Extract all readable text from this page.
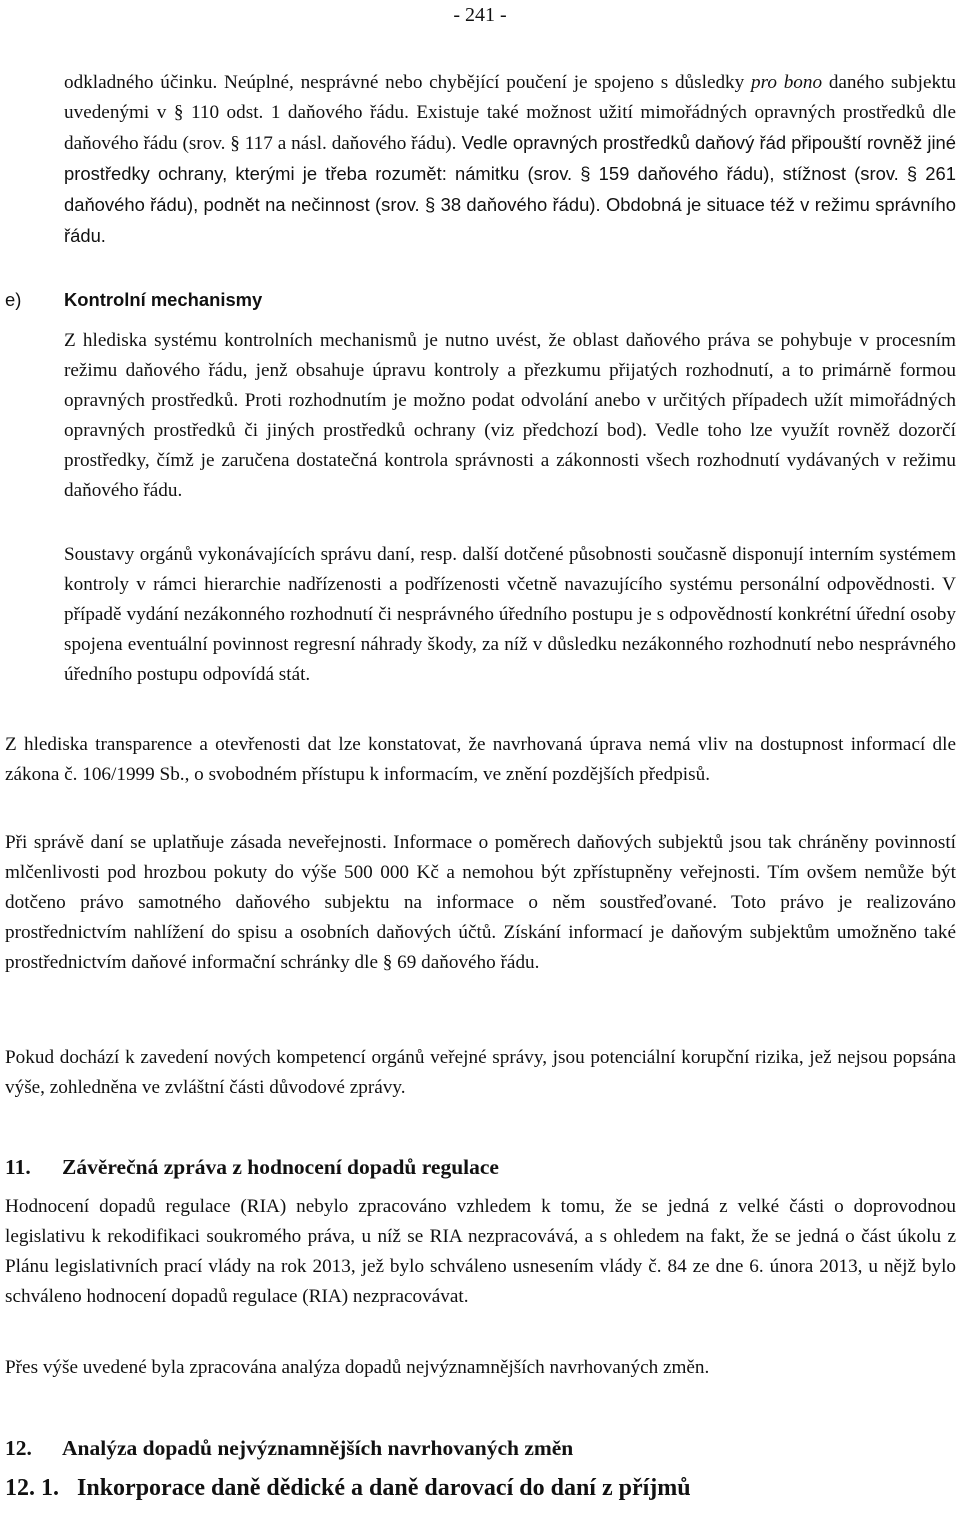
- 241 -

odkladného účinku. Neúplné, nesprávné nebo chybějící poučení je spojeno s důsledky pro bono daného subjektu uvedenými v § 110 odst. 1 daňového řádu. Existuje také možnost užití mimořádných opravných prostředků dle daňového řádu (srov. § 117 a násl. daňového řádu). Vedle opravných prostředků daňový řád připouští rovněž jiné prostředky ochrany, kterými je třeba rozumět: námitku (srov. § 159 daňového řádu), stížnost (srov. § 261 daňového řádu), podnět na nečinnost (srov. § 38 daňového řádu). Obdobná je situace též v režimu správního řádu.

e) Kontrolní mechanismy

Z hlediska systému kontrolních mechanismů je nutno uvést, že oblast daňového práva se pohybuje v procesním režimu daňového řádu, jenž obsahuje úpravu kontroly a přezkumu přijatých rozhodnutí, a to primárně formou opravných prostředků. Proti rozhodnutím je možno podat odvolání anebo v určitých případech užít mimořádných opravných prostředků či jiných prostředků ochrany (viz předchozí bod). Vedle toho lze využít rovněž dozorčí prostředky, čímž je zaručena dostatečná kontrola správnosti a zákonnosti všech rozhodnutí vydávaných v režimu daňového řádu.

Soustavy orgánů vykonávajících správu daní, resp. další dotčené působnosti současně disponují interním systémem kontroly v rámci hierarchie nadřízenosti a podřízenosti včetně navazujícího systému personální odpovědnosti. V případě vydání nezákonného rozhodnutí či nesprávného úředního postupu je s odpovědností konkrétní úřední osoby spojena eventuální povinnost regresní náhrady škody, za níž v důsledku nezákonného rozhodnutí nebo nesprávného úředního postupu odpovídá stát.

Z hlediska transparence a otevřenosti dat lze konstatovat, že navrhovaná úprava nemá vliv na dostupnost informací dle zákona č. 106/1999 Sb., o svobodném přístupu k informacím, ve znění pozdějších předpisů.

Při správě daní se uplatňuje zásada neveřejnosti. Informace o poměrech daňových subjektů jsou tak chráněny povinností mlčenlivosti pod hrozbou pokuty do výše 500 000 Kč a nemohou být zpřístupněny veřejnosti. Tím ovšem nemůže být dotčeno právo samotného daňového subjektu na informace o něm soustřeďované. Toto právo je realizováno prostřednictvím nahlížení do spisu a osobních daňových účtů. Získání informací je daňovým subjektům umožněno také prostřednictvím daňové informační schránky dle § 69 daňového řádu.

Pokud dochází k zavedení nových kompetencí orgánů veřejné správy, jsou potenciální korupční rizika, jež nejsou popsána výše, zohledněna ve zvláštní části důvodové zprávy.

11. Závěrečná zpráva z hodnocení dopadů regulace

Hodnocení dopadů regulace (RIA) nebylo zpracováno vzhledem k tomu, že se jedná z velké části o doprovodnou legislativu k rekodifikaci soukromého práva, u níž se RIA nezpracovává, a s ohledem na fakt, že se jedná o část úkolu z Plánu legislativních prací vlády na rok 2013, jež bylo schváleno usnesením vlády č. 84 ze dne 6. února 2013, u nějž bylo schváleno hodnocení dopadů regulace (RIA) nezpracovávat.

Přes výše uvedené byla zpracována analýza dopadů nejvýznamnějších navrhovaných změn.

12. Analýza dopadů nejvýznamnějších navrhovaných změn
12. 1. Inkorporace daně dědické a daně darovací do daní z příjmů
